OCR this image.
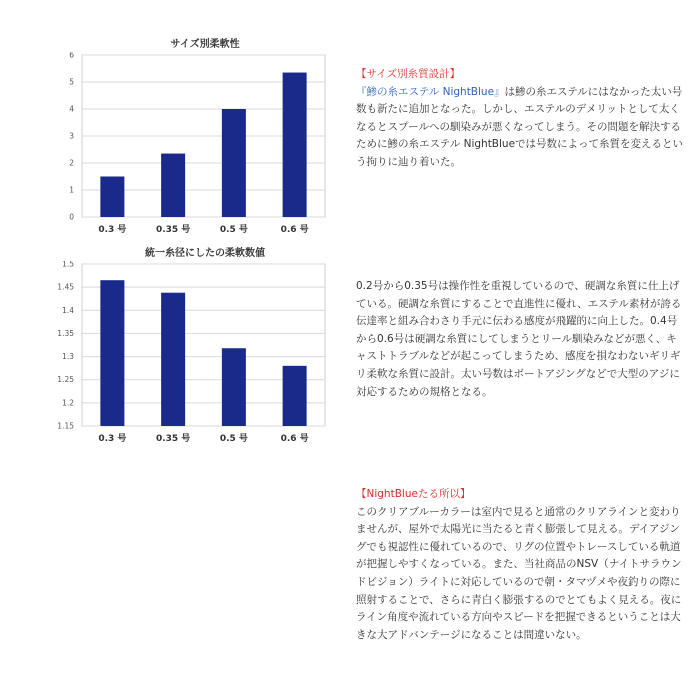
サイズ別柔軟性
0
1
2
3
4
5
6
0.3 号	0.35 号	0.5 号	0.6 号
統一糸径にしたの柔軟数値
1.15
1.2
1.25
1.3
1.35
1.4
1.45
1.5
0.3 号	0.35 号	0.5 号	0.6 号

【サイズ別糸質設計】
『鯵の糸エステル NightBlue』は鯵の糸エステルにはなかった太い号数も新たに追加となった。しかし、エステルのデメリットとして太くなるとスプールへの馴染みが悪くなってしまう。その問題を解決するために鯵の糸エステル NightBlueでは号数によって糸質を変えるという拘りに辿り着いた。

0.2号から0.35号は操作性を重視しているので、硬調な糸質に仕上げている。硬調な糸質にすることで直進性に優れ、エステル素材が誇る伝達率と組み合わさり手元に伝わる感度が飛躍的に向上した。0.4号から0.6号は硬調な糸質にしてしまうとリール馴染みなどが悪く、キャストトラブルなどが起こってしまうため、感度を損なわないギリギリ柔軟な糸質に設計。太い号数はボートアジングなどで大型のアジに対応するための規格となる。

【NightBlueたる所以】
このクリアブルーカラーは室内で見ると通常のクリアラインと変わりませんが、屋外で太陽光に当たると青く膨張して見える。デイアジングでも視認性に優れているので、リグの位置やトレースしている軌道が把握しやすくなっている。また、当社商品のNSV（ナイトサラウンドビジョン）ライトに対応しているので朝・タマヅメや夜釣りの際に照射することで、さらに青白く膨張するのでとてもよく見える。夜にライン角度や流れている方向やスピードを把握できるということは大きな大アドバンテージになることは間違いない。
